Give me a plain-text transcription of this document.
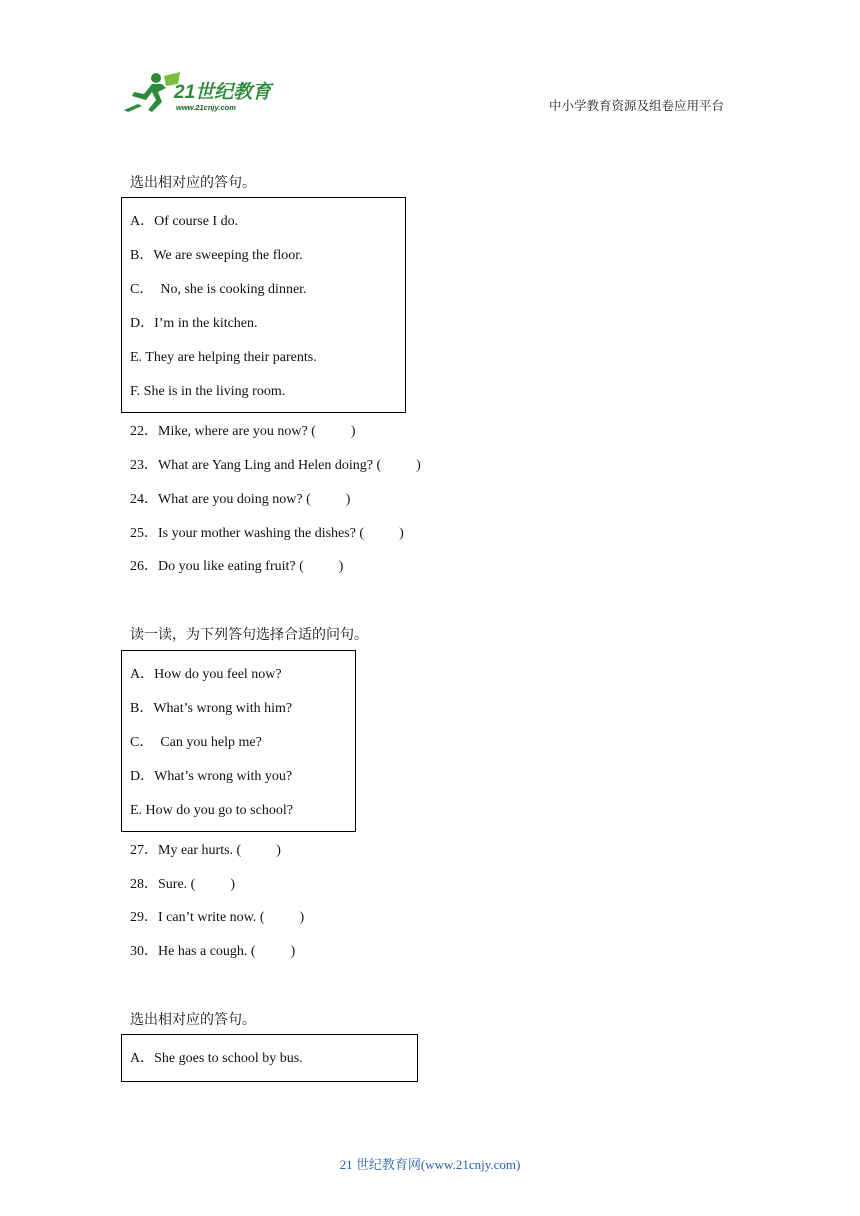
21世纪教育
www.21cnjy.com	中小学教育资源及组卷应用平台
选出相对应的答句。
A．Of course I do.
B．We are sweeping the floor.
C．  No, she is cooking dinner.
D．I’m in the kitchen.
E. They are helping their parents.
F. She is in the living room.
22．Mike, where are you now? (          )
23．What are Yang Ling and Helen doing? (          )
24．What are you doing now? (          )
25．Is your mother washing the dishes? (          )
26．Do you like eating fruit? (          )
读一读，为下列答句选择合适的问句。
A．How do you feel now?
B．What’s wrong with him?
C．  Can you help me?
D．What’s wrong with you?
E. How do you go to school?
27．My ear hurts. (          )
28．Sure. (          )
29．I can’t write now. (          )
30．He has a cough. (          )
选出相对应的答句。
A．She goes to school by bus.
21 世纪教育网(www.21cnjy.com)
